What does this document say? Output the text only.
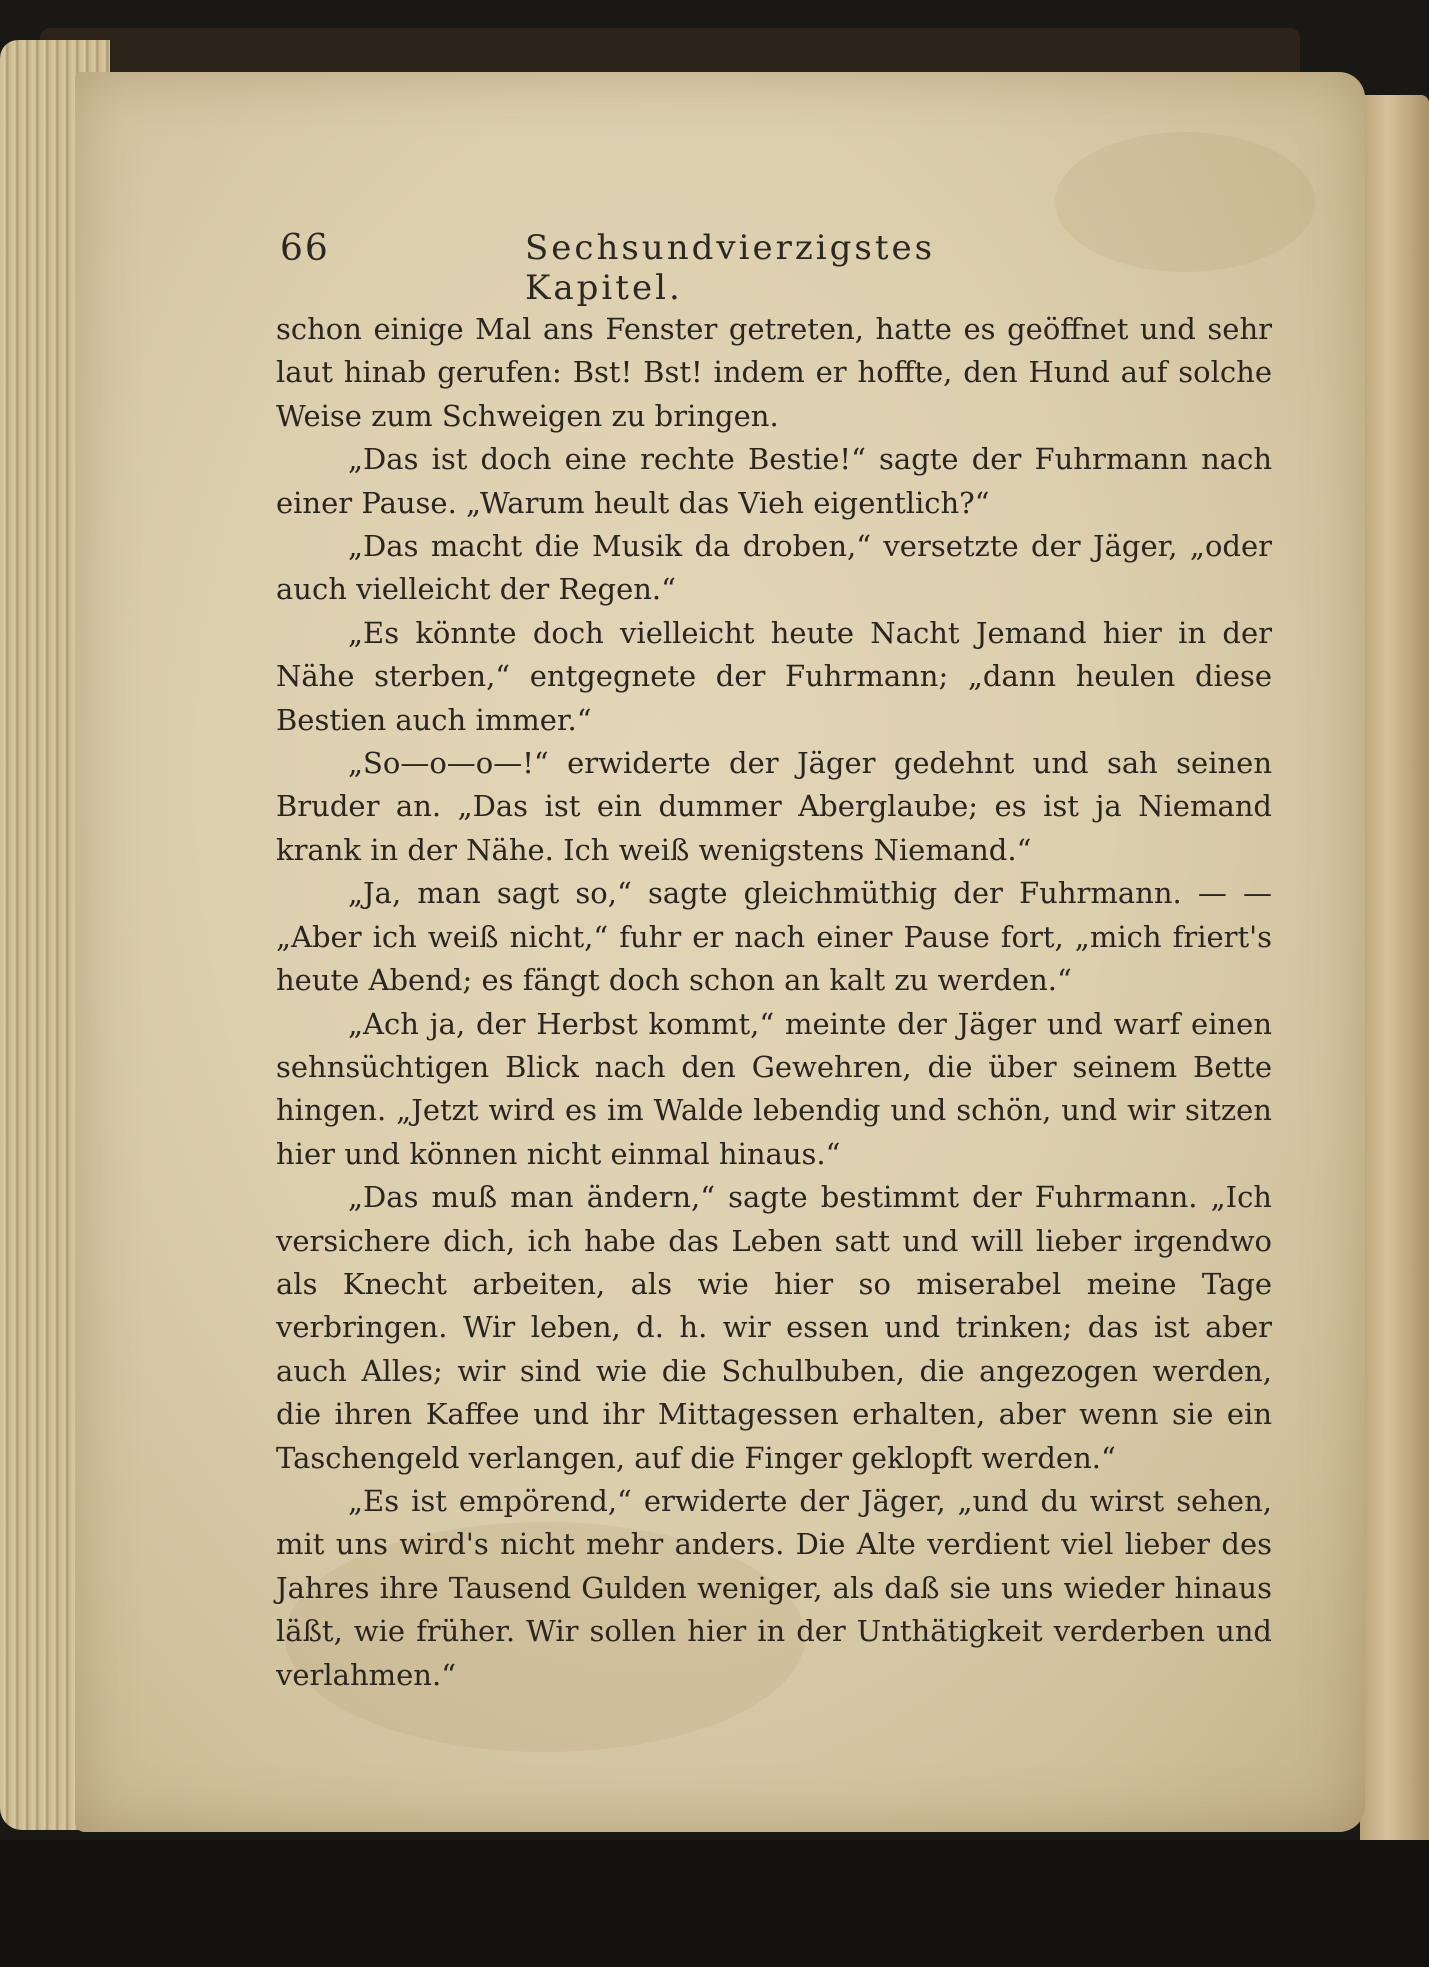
66	Sechsundvierzigstes Kapitel.

schon einige Mal ans Fenster getreten, hatte es geöffnet und sehr laut hinab gerufen: Bst! Bst! indem er hoffte, den Hund auf solche Weise zum Schweigen zu bringen.

„Das ist doch eine rechte Bestie!“ sagte der Fuhrmann nach einer Pause. „Warum heult das Vieh eigentlich?“

„Das macht die Musik da droben,“ versetzte der Jäger, „oder auch vielleicht der Regen.“

„Es könnte doch vielleicht heute Nacht Jemand hier in der Nähe sterben,“ entgegnete der Fuhrmann; „dann heulen diese Bestien auch immer.“

„So—o—o—!“ erwiderte der Jäger gedehnt und sah seinen Bruder an. „Das ist ein dummer Aberglaube; es ist ja Niemand krank in der Nähe. Ich weiß wenigstens Niemand.“

„Ja, man sagt so,“ sagte gleichmüthig der Fuhrmann. — — „Aber ich weiß nicht,“ fuhr er nach einer Pause fort, „mich friert's heute Abend; es fängt doch schon an kalt zu werden.“

„Ach ja, der Herbst kommt,“ meinte der Jäger und warf einen sehnsüchtigen Blick nach den Gewehren, die über seinem Bette hingen. „Jetzt wird es im Walde lebendig und schön, und wir sitzen hier und können nicht einmal hinaus.“

„Das muß man ändern,“ sagte bestimmt der Fuhrmann. „Ich versichere dich, ich habe das Leben satt und will lieber irgendwo als Knecht arbeiten, als wie hier so miserabel meine Tage verbringen. Wir leben, d. h. wir essen und trinken; das ist aber auch Alles; wir sind wie die Schulbuben, die angezogen werden, die ihren Kaffee und ihr Mittagessen erhalten, aber wenn sie ein Taschengeld verlangen, auf die Finger geklopft werden.“

„Es ist empörend,“ erwiderte der Jäger, „und du wirst sehen, mit uns wird's nicht mehr anders. Die Alte verdient viel lieber des Jahres ihre Tausend Gulden weniger, als daß sie uns wieder hinaus läßt, wie früher. Wir sollen hier in der Unthätigkeit verderben und verlahmen.“
